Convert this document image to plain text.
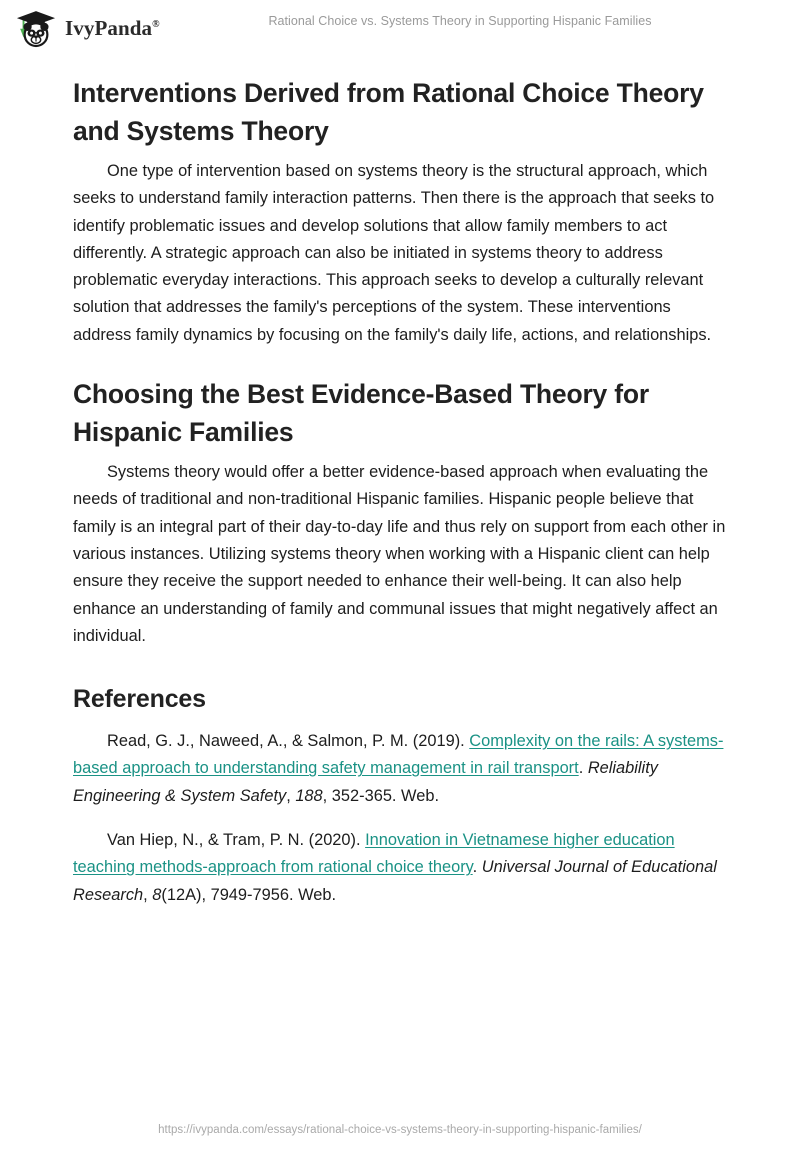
IvyPanda®	Rational Choice vs. Systems Theory in Supporting Hispanic Families
Interventions Derived from Rational Choice Theory and Systems Theory

One type of intervention based on systems theory is the structural approach, which seeks to understand family interaction patterns. Then there is the approach that seeks to identify problematic issues and develop solutions that allow family members to act differently. A strategic approach can also be initiated in systems theory to address problematic everyday interactions. This approach seeks to develop a culturally relevant solution that addresses the family's perceptions of the system. These interventions address family dynamics by focusing on the family's daily life, actions, and relationships.

Choosing the Best Evidence-Based Theory for Hispanic Families

Systems theory would offer a better evidence-based approach when evaluating the needs of traditional and non-traditional Hispanic families. Hispanic people believe that family is an integral part of their day-to-day life and thus rely on support from each other in various instances. Utilizing systems theory when working with a Hispanic client can help ensure they receive the support needed to enhance their well-being. It can also help enhance an understanding of family and communal issues that might negatively affect an individual.

References

Read, G. J., Naweed, A., & Salmon, P. M. (2019). Complexity on the rails: A systems-based approach to understanding safety management in rail transport. Reliability Engineering & System Safety, 188, 352-365. Web.

Van Hiep, N., & Tram, P. N. (2020). Innovation in Vietnamese higher education teaching methods-approach from rational choice theory. Universal Journal of Educational Research, 8(12A), 7949-7956. Web.

https://ivypanda.com/essays/rational-choice-vs-systems-theory-in-supporting-hispanic-families/
